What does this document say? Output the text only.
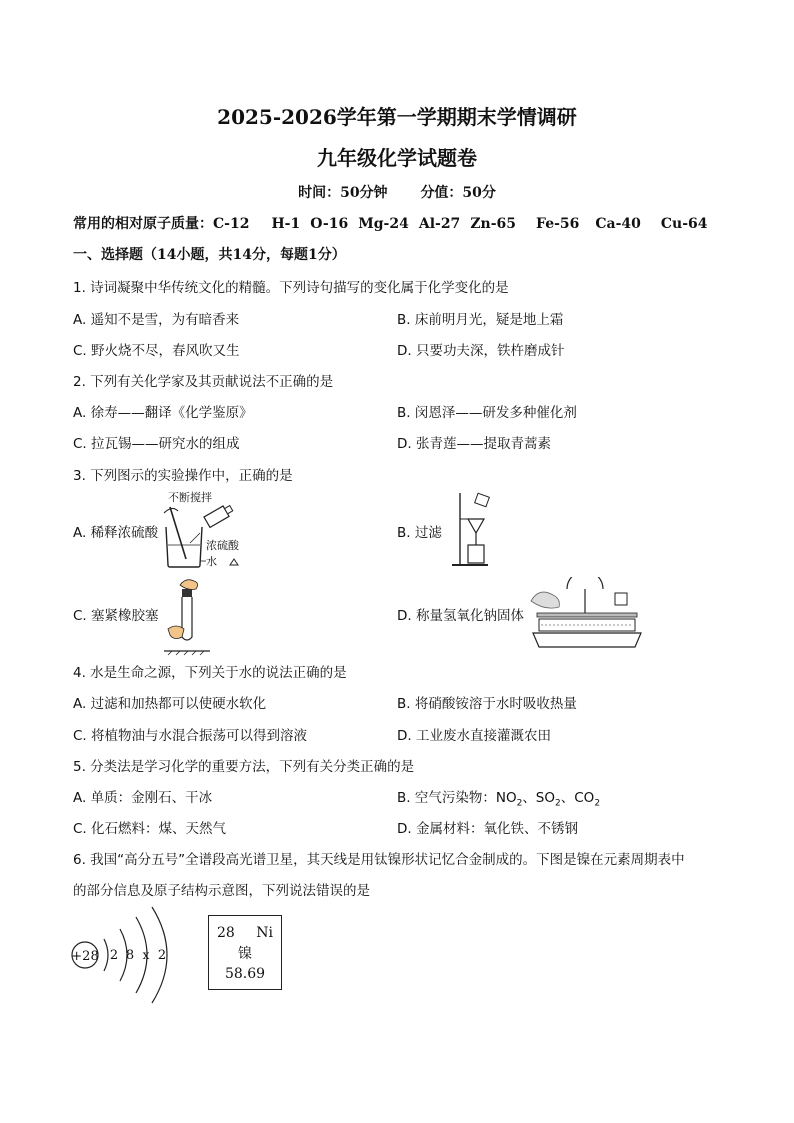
2025-2026学年第一学期期末学情调研
九年级化学试题卷
时间：50分钟 分值：50分
常用的相对原子质量：C-12 H-1 O-16 Mg-24 Al-27 Zn-65 Fe-56 Ca-40 Cu-64
一、选择题（14小题，共14分，每题1分）
1. 诗词凝聚中华传统文化的精髓。下列诗句描写的变化属于化学变化的是
A. 遥知不是雪，为有暗香来	B. 床前明月光，疑是地上霜
C. 野火烧不尽，春风吹又生	D. 只要功夫深，铁杵磨成针
2. 下列有关化学家及其贡献说法不正确的是
A. 徐寿——翻译《化学鉴原》	B. 闵恩泽——研发多种催化剂
C. 拉瓦锡——研究水的组成	D. 张青莲——提取青蒿素
3. 下列图示的实验操作中，正确的是
A. 稀释浓硫酸	B. 过滤
C. 塞紧橡胶塞	D. 称量氢氧化钠固体
不断搅拌
浓硫酸
水
4. 水是生命之源，下列关于水的说法正确的是
A. 过滤和加热都可以使硬水软化	B. 将硝酸铵溶于水时吸收热量
C. 将植物油与水混合振荡可以得到溶液	D. 工业废水直接灌溉农田
5. 分类法是学习化学的重要方法，下列有关分类正确的是
A. 单质：金刚石、干冰	B. 空气污染物：$NO_2$、$SO_2$、$CO_2$
C. 化石燃料：煤、天然气	D. 金属材料：氧化铁、不锈钢
6. 我国“高分五号”全谱段高光谱卫星，其天线是用钛镍形状记忆合金制成的。下图是镍在元素周期表中
的部分信息及原子结构示意图，下列说法错误的是
+28 2 8 x 2
28 Ni
镍
58.69
